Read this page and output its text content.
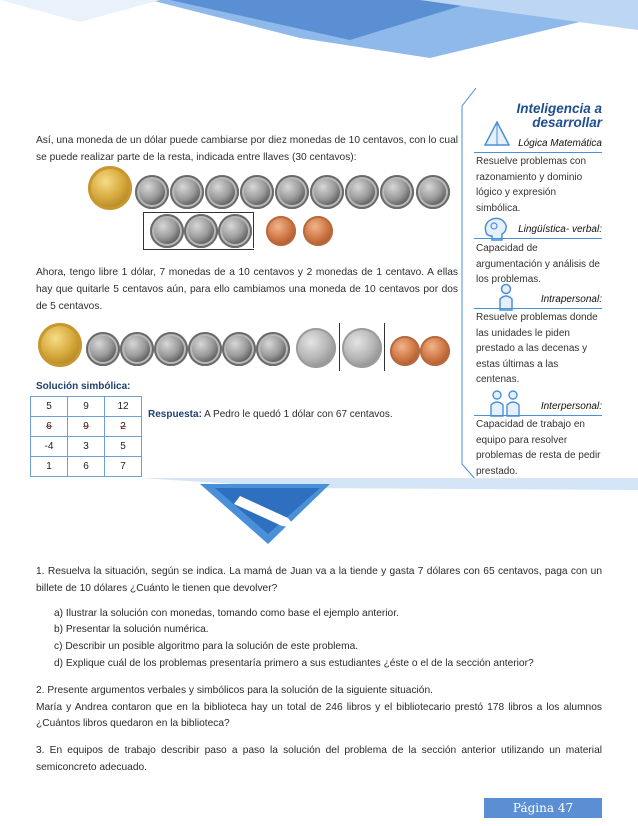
Así, una moneda de un dólar puede cambiarse por diez monedas de 10 centavos, con lo cual se puede realizar parte de la resta, indicada entre llaves (30 centavos):

Ahora, tengo libre 1 dólar, 7 monedas de a 10 centavos y 2 monedas de 1 centavo. A ellas hay que quitarle 5 centavos aún, para ello cambiamos una moneda de 10 centavos por dos de 5 centavos.

Solución simbólica:
5	9	12
6	9	2
-4	3	5
1	6	7
Respuesta: A Pedro le quedó 1 dólar con 67 centavos.
Inteligencia a
desarrollar
Lógica Matemática
Resuelve problemas con razonamiento y dominio lógico y expresión simbólica.
Lingüística- verbal:
Capacidad de argumentación y análisis de los problemas.
Intrapersonal:
Resuelve problemas donde las unidades le piden prestado a las decenas y estas últimas a las centenas.
Interpersonal:
Capacidad de trabajo en equipo para resolver problemas de resta de pedir prestado.

1. Resuelva la situación, según se indica. La mamá de Juan va a la tiende y gasta 7 dólares con 65 centavos, paga con un billete de 10 dólares ¿Cuánto le tienen que devolver?

a) Ilustrar la solución con monedas, tomando como base el ejemplo anterior.
b) Presentar la solución numérica.
c) Describir un posible algoritmo para la solución de este problema.
d) Explique cuál de los problemas presentaría primero a sus estudiantes ¿éste o el de la sección anterior?

2. Presente argumentos verbales y simbólicos para la solución de la siguiente situación.

María y Andrea contaron que en la biblioteca hay un total de 246 libros y el bibliotecario prestó 178 libros a los alumnos ¿Cuántos libros quedaron en la biblioteca?

3. En equipos de trabajo describir paso a paso la solución del problema de la sección anterior utilizando un material semiconcreto adecuado.

Página 47
